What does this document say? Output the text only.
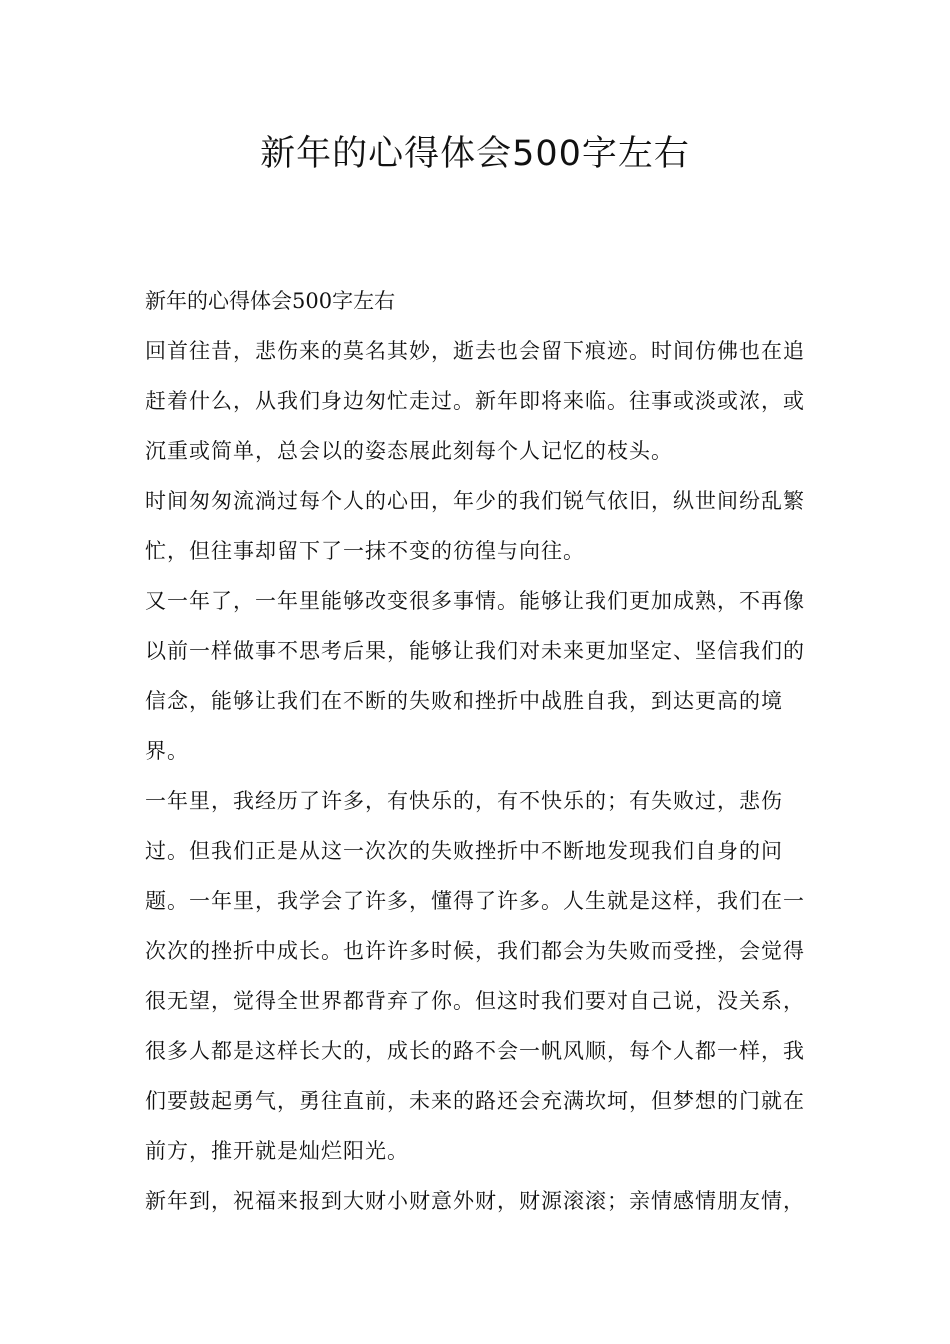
新年的心得体会500字左右

新年的心得体会500字左右

回首往昔，悲伤来的莫名其妙，逝去也会留下痕迹。时间仿佛也在追赶着什么，从我们身边匆忙走过。新年即将来临。往事或淡或浓，或沉重或简单，总会以的姿态展此刻每个人记忆的枝头。

时间匆匆流淌过每个人的心田，年少的我们锐气依旧，纵世间纷乱繁忙，但往事却留下了一抹不变的彷徨与向往。

又一年了，一年里能够改变很多事情。能够让我们更加成熟，不再像以前一样做事不思考后果，能够让我们对未来更加坚定、坚信我们的信念，能够让我们在不断的失败和挫折中战胜自我，到达更高的境界。

一年里，我经历了许多，有快乐的，有不快乐的；有失败过，悲伤过。但我们正是从这一次次的失败挫折中不断地发现我们自身的问题。一年里，我学会了许多，懂得了许多。人生就是这样，我们在一次次的挫折中成长。也许许多时候，我们都会为失败而受挫，会觉得很无望，觉得全世界都背弃了你。但这时我们要对自己说，没关系，很多人都是这样长大的，成长的路不会一帆风顺，每个人都一样，我们要鼓起勇气，勇往直前，未来的路还会充满坎坷，但梦想的门就在前方，推开就是灿烂阳光。

新年到，祝福来报到大财小财意外财，财源滚滚；亲情感情朋友情，
